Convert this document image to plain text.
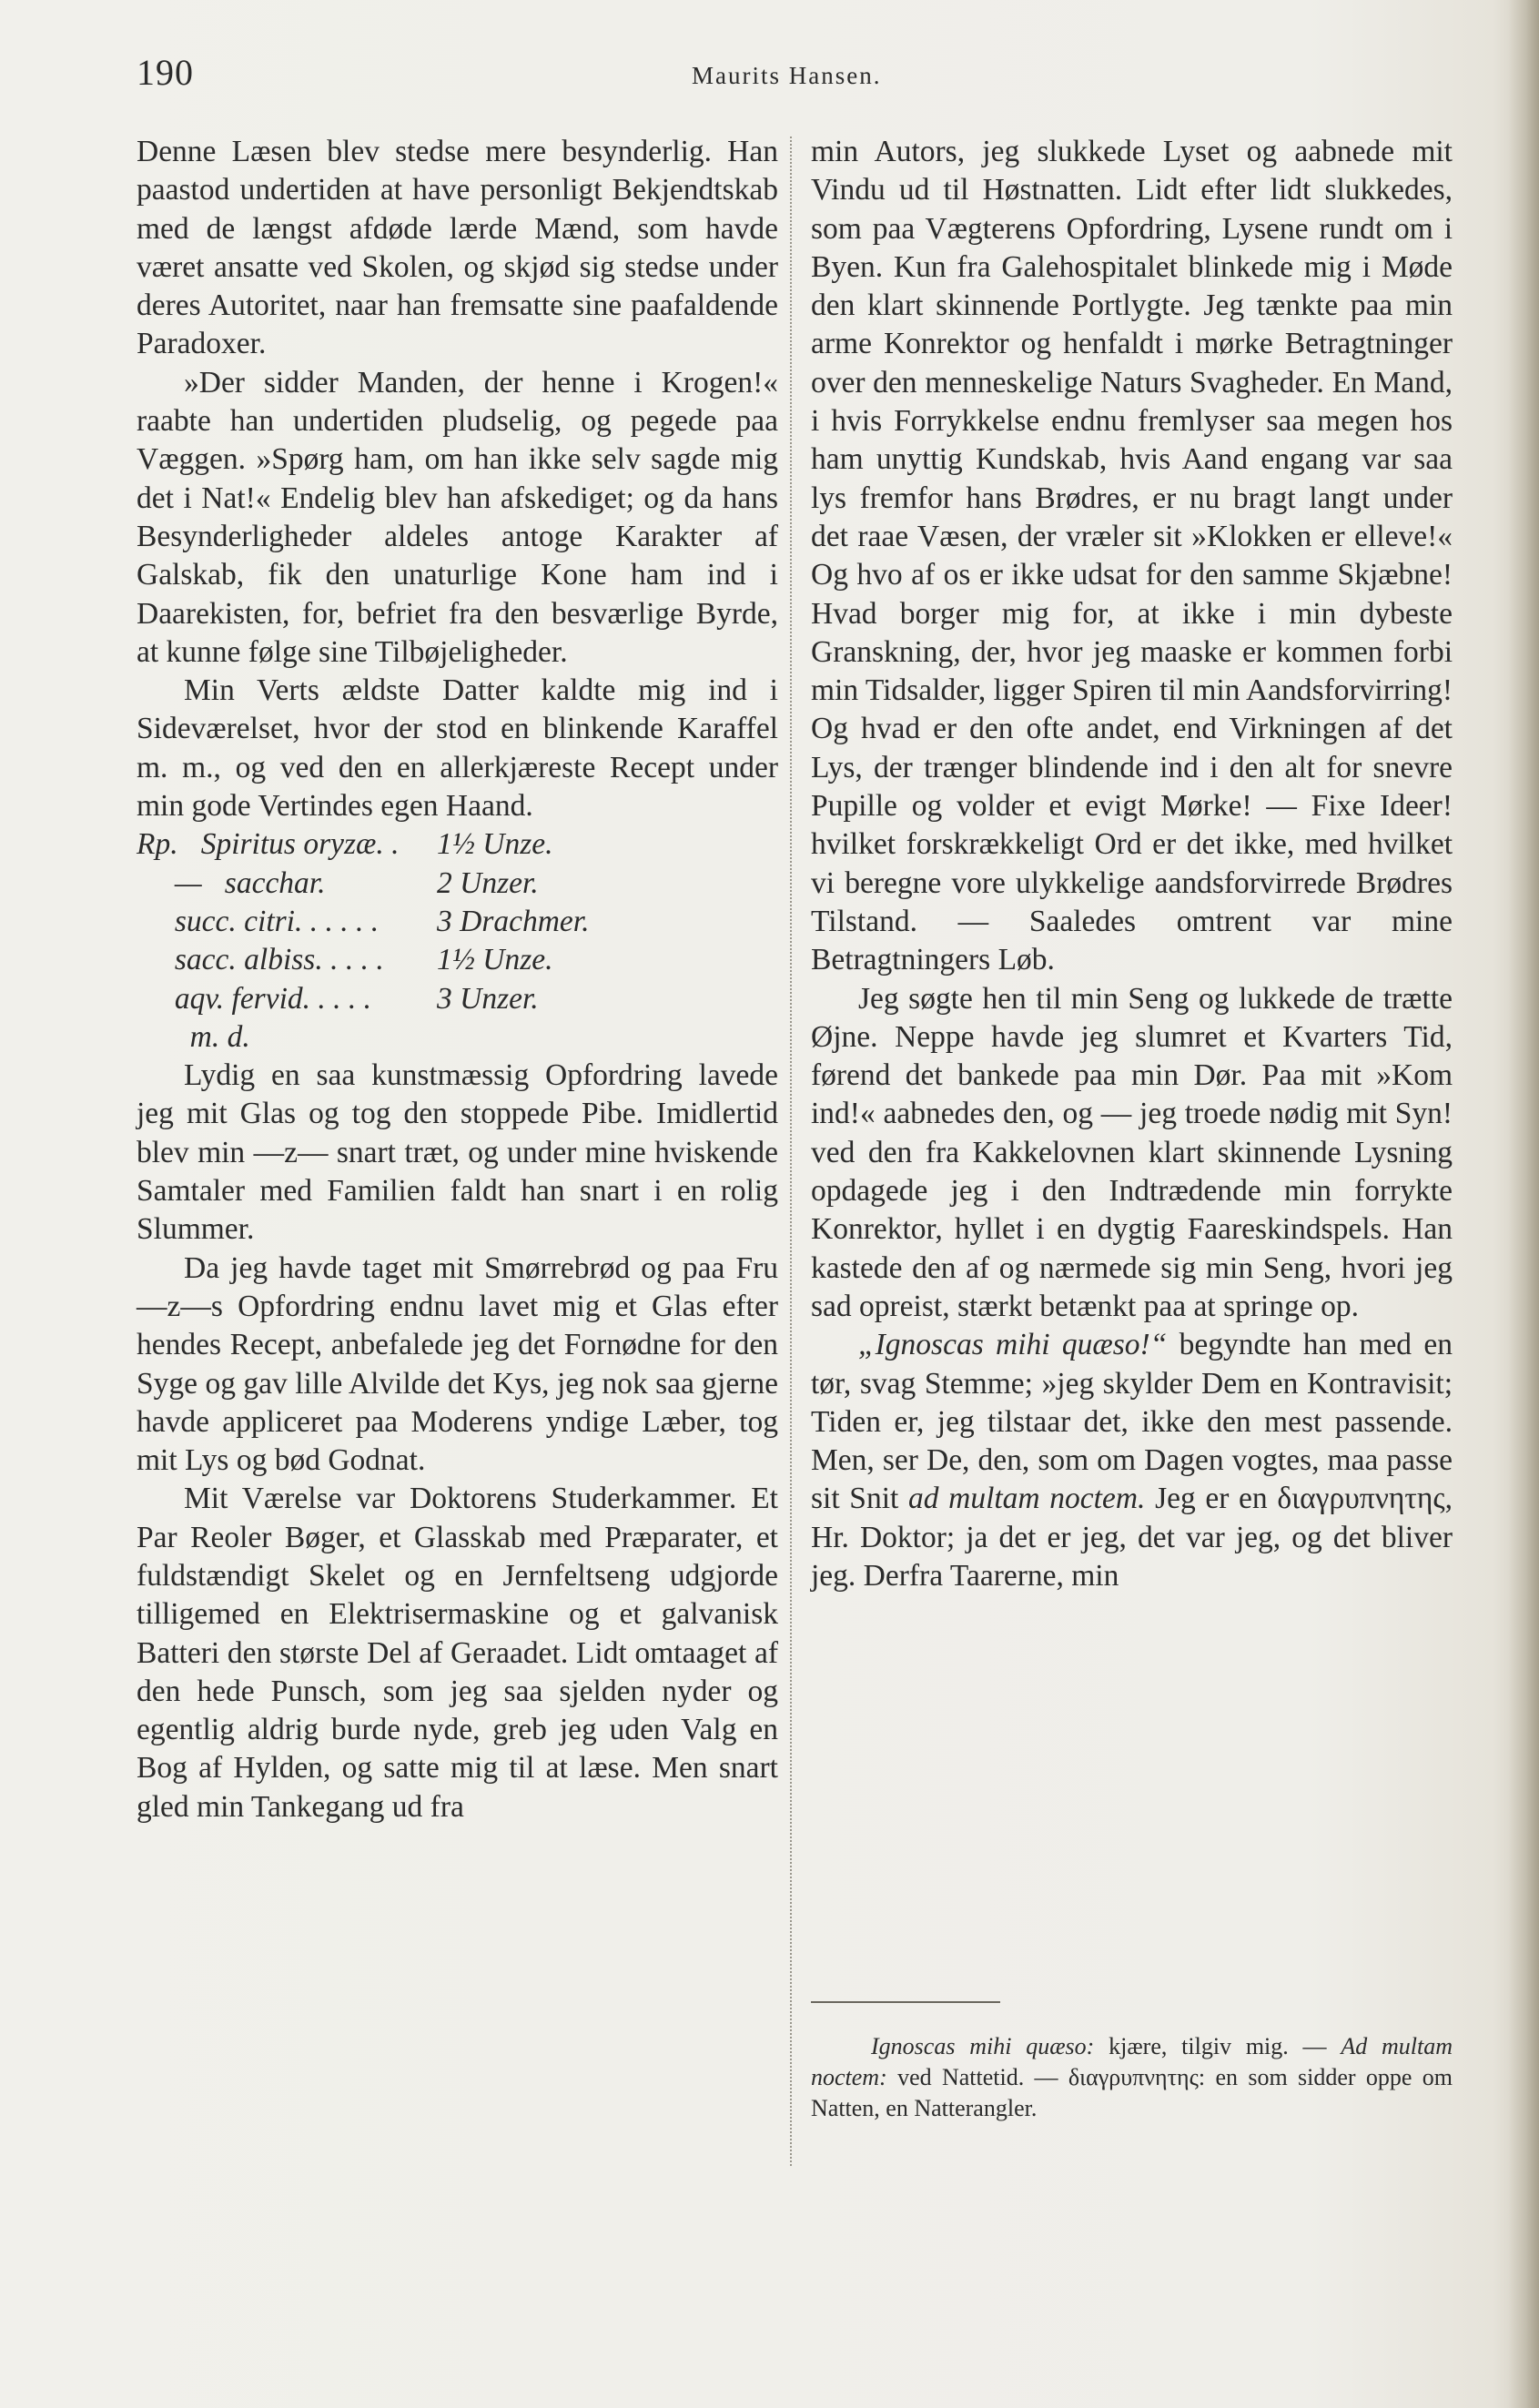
190	Maurits Hansen.

Denne Læsen blev stedse mere besynderlig. Han paastod undertiden at have personligt Bekjendtskab med de længst afdøde lærde Mænd, som havde været ansatte ved Skolen, og skjød sig stedse under deres Autoritet, naar han fremsatte sine paafaldende Paradoxer.

»Der sidder Manden, der henne i Krogen!« raabte han undertiden pludselig, og pegede paa Væggen. »Spørg ham, om han ikke selv sagde mig det i Nat!« Endelig blev han afskediget; og da hans Besynderligheder aldeles antoge Karakter af Galskab, fik den unaturlige Kone ham ind i Daarekisten, for, befriet fra den besværlige Byrde, at kunne følge sine Tilbøjeligheder.

Min Verts ældste Datter kaldte mig ind i Sideværelset, hvor der stod en blinkende Karaffel m. m., og ved den en allerkjæreste Recept under min gode Vertindes egen Haand.

Rp.   Spiritus oryzæ. .	1½ Unze.
—   sacchar.	2 Unzer.
succ. citri. . . . . .	3 Drachmer.
sacc. albiss. . . . .	1½ Unze.
aqv. fervid. . . . .	3 Unzer.
m. d.

Lydig en saa kunstmæssig Opfordring lavede jeg mit Glas og tog den stoppede Pibe. Imidlertid blev min —z— snart træt, og under mine hviskende Samtaler med Familien faldt han snart i en rolig Slummer.

Da jeg havde taget mit Smørrebrød og paa Fru —z—s Opfordring endnu lavet mig et Glas efter hendes Recept, anbefalede jeg det Fornødne for den Syge og gav lille Alvilde det Kys, jeg nok saa gjerne havde appliceret paa Moderens yndige Læber, tog mit Lys og bød Godnat.

Mit Værelse var Doktorens Studerkammer. Et Par Reoler Bøger, et Glasskab med Præparater, et fuldstændigt Skelet og en Jernfeltseng udgjorde tilligemed en Elektrisermaskine og et galvanisk Batteri den største Del af Geraadet. Lidt omtaaget af den hede Punsch, som jeg saa sjelden nyder og egentlig aldrig burde nyde, greb jeg uden Valg en Bog af Hylden, og satte mig til at læse. Men snart gled min Tankegang ud fra

min Autors, jeg slukkede Lyset og aabnede mit Vindu ud til Høstnatten. Lidt efter lidt slukkedes, som paa Vægterens Opfordring, Lysene rundt om i Byen. Kun fra Galehospitalet blinkede mig i Møde den klart skinnende Portlygte. Jeg tænkte paa min arme Konrektor og henfaldt i mørke Betragtninger over den menneskelige Naturs Svagheder. En Mand, i hvis Forrykkelse endnu fremlyser saa megen hos ham unyttig Kundskab, hvis Aand engang var saa lys fremfor hans Brødres, er nu bragt langt under det raae Væsen, der vræler sit »Klokken er elleve!« Og hvo af os er ikke udsat for den samme Skjæbne! Hvad borger mig for, at ikke i min dybeste Granskning, der, hvor jeg maaske er kommen forbi min Tidsalder, ligger Spiren til min Aandsforvirring! Og hvad er den ofte andet, end Virkningen af det Lys, der trænger blindende ind i den alt for snevre Pupille og volder et evigt Mørke! — Fixe Ideer! hvilket forskrækkeligt Ord er det ikke, med hvilket vi beregne vore ulykkelige aandsforvirrede Brødres Tilstand. — Saaledes omtrent var mine Betragtningers Løb.

Jeg søgte hen til min Seng og lukkede de trætte Øjne. Neppe havde jeg slumret et Kvarters Tid, førend det bankede paa min Dør. Paa mit »Kom ind!« aabnedes den, og — jeg troede nødig mit Syn! ved den fra Kakkelovnen klart skinnende Lysning opdagede jeg i den Indtrædende min forrykte Konrektor, hyllet i en dygtig Faareskindspels. Han kastede den af og nærmede sig min Seng, hvori jeg sad opreist, stærkt betænkt paa at springe op.

„Ignoscas mihi quæso!“ begyndte han med en tør, svag Stemme; »jeg skylder Dem en Kontravisit; Tiden er, jeg tilstaar det, ikke den mest passende. Men, ser De, den, som om Dagen vogtes, maa passe sit Snit ad multam noctem. Jeg er en διαγρυπνητης, Hr. Doktor; ja det er jeg, det var jeg, og det bliver jeg. Derfra Taarerne, min

Ignoscas mihi quæso: kjære, tilgiv mig. — Ad multam noctem: ved Nattetid. — διαγρυπνητης: en som sidder oppe om Natten, en Natterangler.
